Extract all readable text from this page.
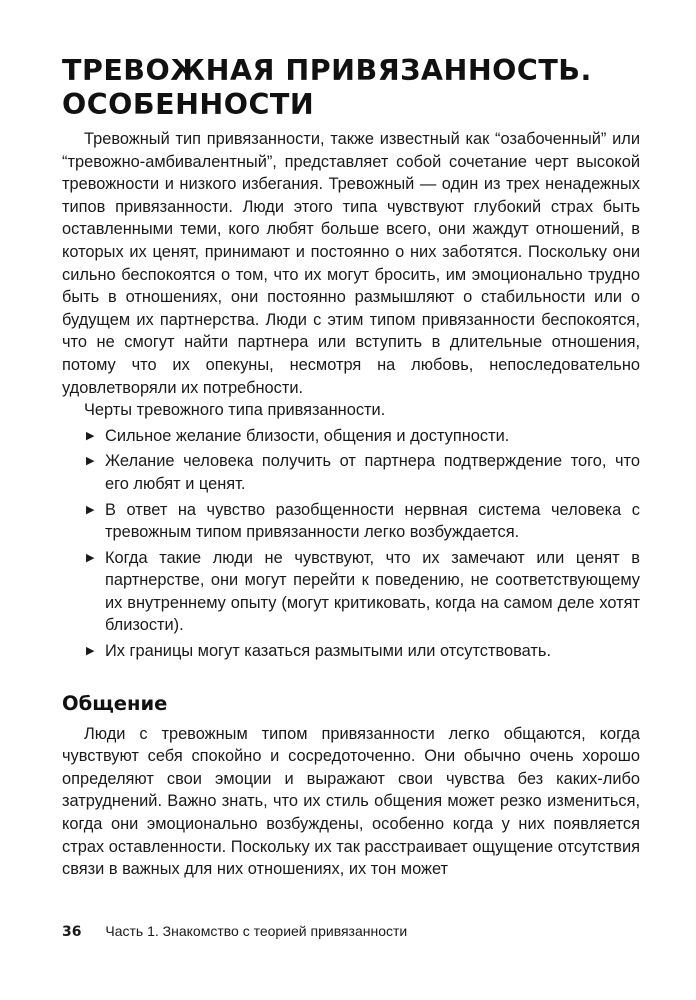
ТРЕВОЖНАЯ ПРИВЯЗАННОСТЬ.
ОСОБЕННОСТИ

Тревожный тип привязанности, также известный как “озабоченный” или “тревожно-амбивалентный”, представляет собой сочетание черт высокой тревожности и низкого избегания. Тревожный — один из трех ненадежных типов привязанности. Люди этого типа чувствуют глубокий страх быть оставленными теми, кого любят больше всего, они жаждут отношений, в которых их ценят, принимают и постоянно о них заботятся. Поскольку они сильно беспокоятся о том, что их могут бросить, им эмоционально трудно быть в отношениях, они постоянно размышляют о стабильности или о будущем их партнерства. Люди с этим типом привязанности беспокоятся, что не смогут найти партнера или вступить в длительные отношения, потому что их опекуны, несмотря на любовь, непоследовательно удовлетворяли их потребности.

Черты тревожного типа привязанности.

▶ Сильное желание близости, общения и доступности.
▶ Желание человека получить от партнера подтверждение того, что его любят и ценят.
▶ В ответ на чувство разобщенности нервная система человека с тревожным типом привязанности легко возбуждается.
▶ Когда такие люди не чувствуют, что их замечают или ценят в партнерстве, они могут перейти к поведению, не соответствующему их внутреннему опыту (могут критиковать, когда на самом деле хотят близости).
▶ Их границы могут казаться размытыми или отсутствовать.
Общение

Люди с тревожным типом привязанности легко общаются, когда чувствуют себя спокойно и сосредоточенно. Они обычно очень хорошо определяют свои эмоции и выражают свои чувства без каких-либо затруднений. Важно знать, что их стиль общения может резко измениться, когда они эмоционально возбуждены, особенно когда у них появляется страх оставленности. Поскольку их так расстраивает ощущение отсутствия связи в важных для них отношениях, их тон может

36 Часть 1. Знакомство с теорией привязанности
